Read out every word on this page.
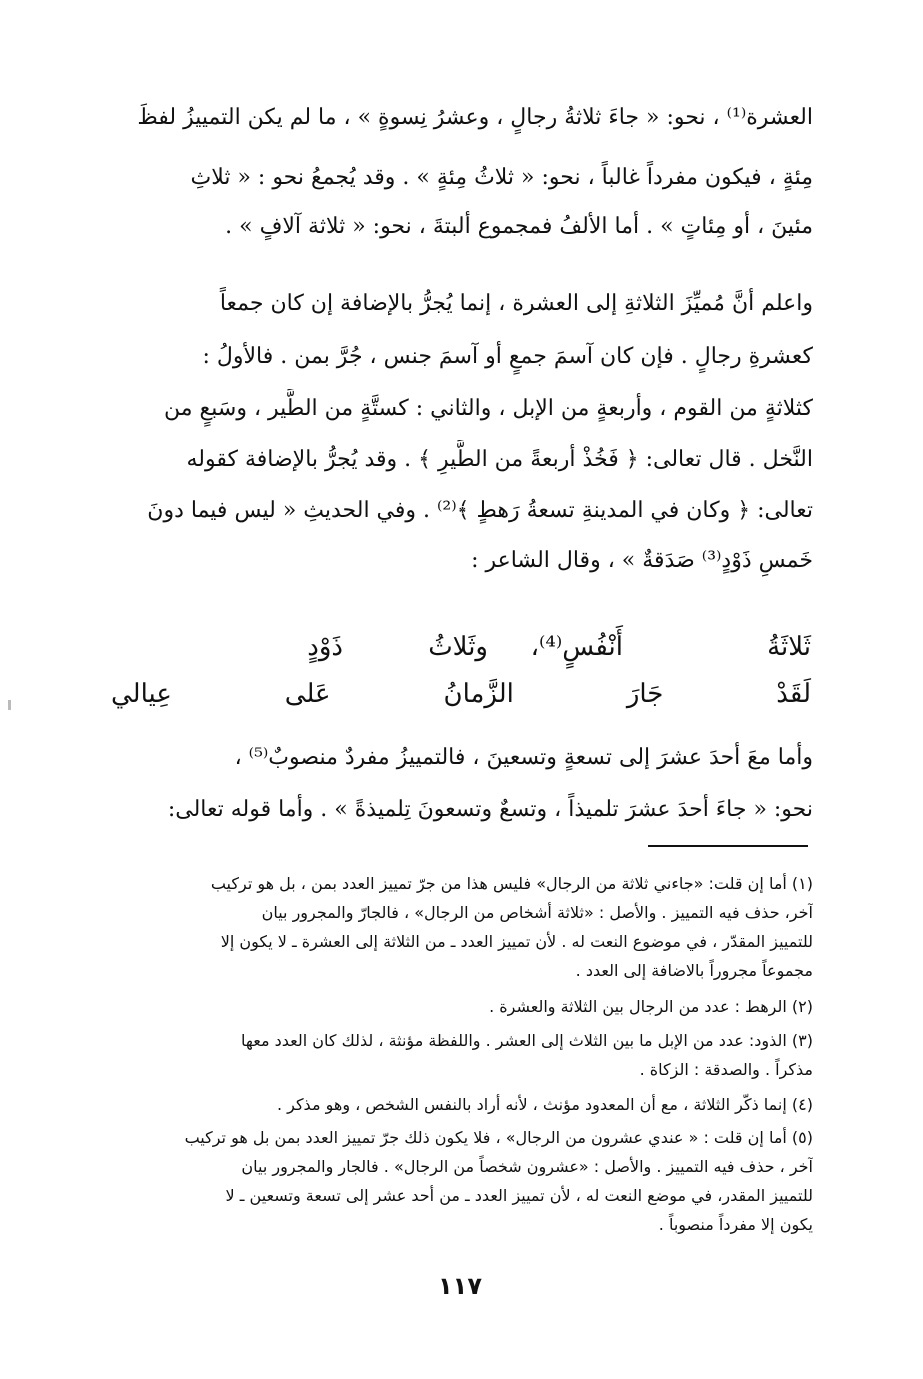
العشرة⁽¹⁾ ، نحو: « جاءَ ثلاثةُ رجالٍ ، وعشرُ نِسوةٍ » ، ما لم يكن التمييزُ لفظَ
مِئةٍ ، فيكون مفرداً غالباً ، نحو: « ثلاثُ مِئةٍ » . وقد يُجمعُ نحو : « ثلاثِ
مئينَ ، أو مِئاتٍ » . أما الألفُ فمجموع ألبتةَ ، نحو: « ثلاثة آلافٍ » .
واعلم أنَّ مُميِّزَ الثلاثةِ إلى العشرة ، إنما يُجرُّ بالإضافة إن كان جمعاً
كعشرةِ رجالٍ . فإن كان آسمَ جمعٍ أو آسمَ جنس ، جُرَّ بمن . فالأولُ :
كثلاثةٍ من القوم ، وأربعةٍ من الإبل ، والثاني : كستَّةٍ من الطَّير ، وسَبعٍ من
النَّخل . قال تعالى: ﴿ فَخُذْ أربعةً من الطَّيرِ ﴾ . وقد يُجرُّ بالإضافة كقوله
تعالى: ﴿ وكان في المدينةِ تسعةُ رَهطٍ ﴾⁽²⁾ . وفي الحديثِ « ليس فيما دونَ
خَمسِ ذَوْدٍ⁽³⁾ صَدَقةٌ » ، وقال الشاعر :
ثَلاثَةُ
أَنْفُسٍ⁽⁴⁾،
وثَلاثُ
ذَوْدٍ
لَقَدْ جَارَ الزَّمانُ عَلى عِيالي
وأما معَ أحدَ عشرَ إلى تسعةٍ وتسعينَ ، فالتمييزُ مفردٌ منصوبٌ⁽⁵⁾ ،
نحو: « جاءَ أحدَ عشرَ تلميذاً ، وتسعٌ وتسعونَ تِلميذةً » . وأما قوله تعالى:
(١) أما إن قلت: «جاءني ثلاثة من الرجال» فليس هذا من جرّ تمييز العدد بمن ، بل هو تركيب
آخر، حذف فيه التمييز . والأصل : «ثلاثة أشخاص من الرجال» ، فالجارّ والمجرور بيان
للتمييز المقدّر ، في موضوع النعت له . لأن تمييز العدد ـ من الثلاثة إلى العشرة ـ لا يكون إلا
مجموعاً مجروراً بالاضافة إلى العدد .
(٢) الرهط : عدد من الرجال بين الثلاثة والعشرة .
(٣) الذود: عدد من الإبل ما بين الثلاث إلى العشر . واللفظة مؤنثة ، لذلك كان العدد معها
مذكراً . والصدقة : الزكاة .
(٤) إنما ذكّر الثلاثة ، مع أن المعدود مؤنث ، لأنه أراد بالنفس الشخص ، وهو مذكر .
(٥) أما إن قلت : « عندي عشرون من الرجال» ، فلا يكون ذلك جرّ تمييز العدد بمن بل هو تركيب
آخر ، حذف فيه التمييز . والأصل : «عشرون شخصاً من الرجال» . فالجار والمجرور بيان
للتمييز المقدر، في موضع النعت له ، لأن تمييز العدد ـ من أحد عشر إلى تسعة وتسعين ـ لا
يكون إلا مفرداً منصوباً .
١١٧
